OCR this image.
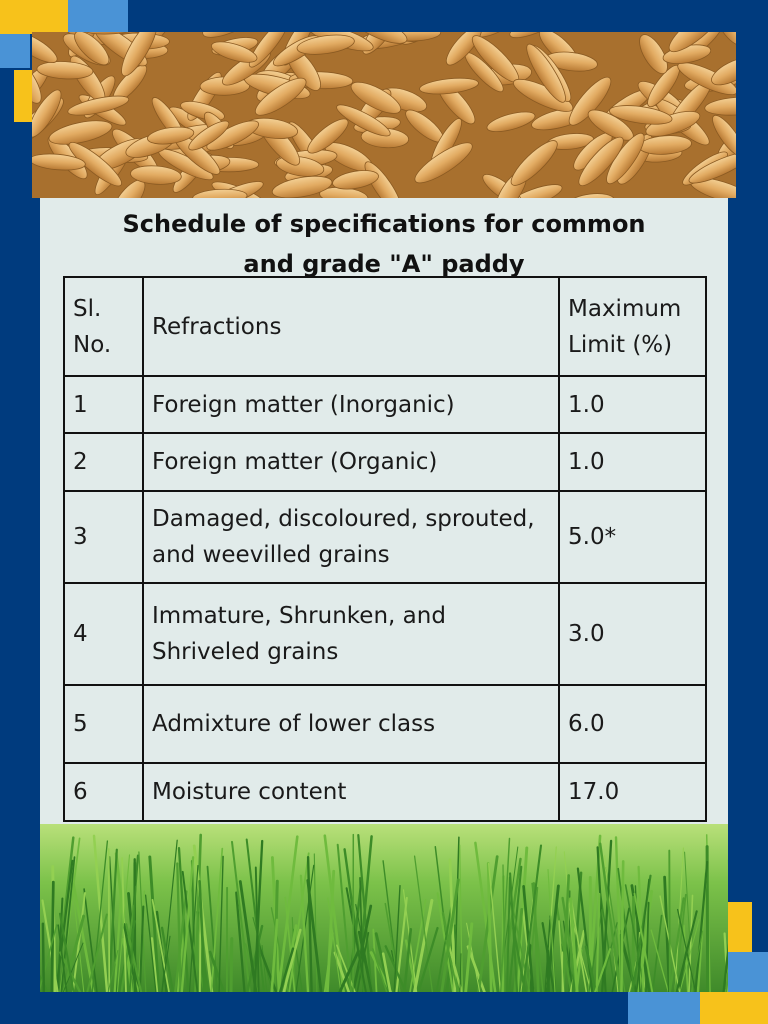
Schedule of specifications for common
and grade "A" paddy
Sl. No.	Refractions	Maximum Limit (%)
1	Foreign matter (Inorganic)	1.0
2	Foreign matter (Organic)	1.0
3	Damaged, discoloured, sprouted, and weevilled grains	5.0*
4	Immature, Shrunken, and Shriveled grains	3.0
5	Admixture of lower class	6.0
6	Moisture content	17.0
